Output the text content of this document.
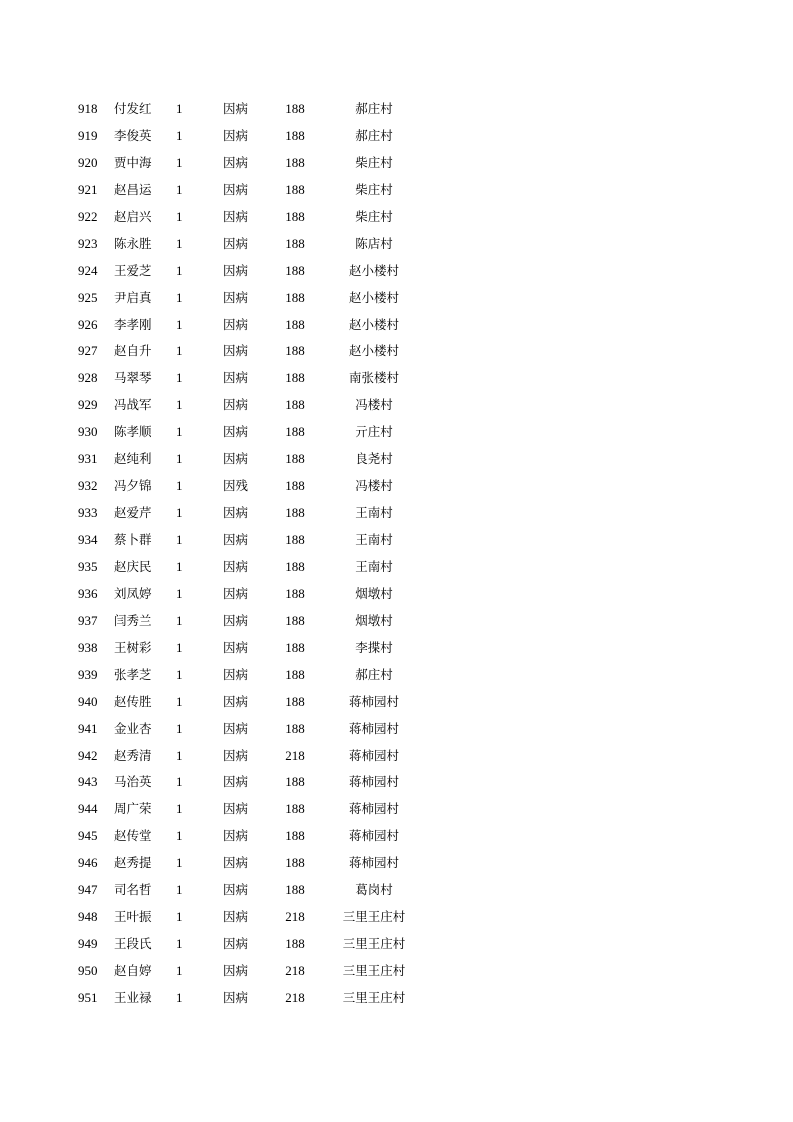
918	付发红	1	因病	188	郝庄村
919	李俊英	1	因病	188	郝庄村
920	贾中海	1	因病	188	柴庄村
921	赵昌运	1	因病	188	柴庄村
922	赵启兴	1	因病	188	柴庄村
923	陈永胜	1	因病	188	陈店村
924	王爱芝	1	因病	188	赵小楼村
925	尹启真	1	因病	188	赵小楼村
926	李孝刚	1	因病	188	赵小楼村
927	赵自升	1	因病	188	赵小楼村
928	马翠琴	1	因病	188	南张楼村
929	冯战军	1	因病	188	冯楼村
930	陈孝顺	1	因病	188	亓庄村
931	赵纯利	1	因病	188	良尧村
932	冯夕锦	1	因残	188	冯楼村
933	赵爱芹	1	因病	188	王南村
934	蔡卜群	1	因病	188	王南村
935	赵庆民	1	因病	188	王南村
936	刘凤婷	1	因病	188	烟墩村
937	闫秀兰	1	因病	188	烟墩村
938	王树彩	1	因病	188	李揲村
939	张孝芝	1	因病	188	郝庄村
940	赵传胜	1	因病	188	蒋柿园村
941	金业杏	1	因病	188	蒋柿园村
942	赵秀清	1	因病	218	蒋柿园村
943	马治英	1	因病	188	蒋柿园村
944	周广荣	1	因病	188	蒋柿园村
945	赵传堂	1	因病	188	蒋柿园村
946	赵秀提	1	因病	188	蒋柿园村
947	司名哲	1	因病	188	葛岗村
948	王叶振	1	因病	218	三里王庄村
949	王段氏	1	因病	188	三里王庄村
950	赵自婷	1	因病	218	三里王庄村
951	王业禄	1	因病	218	三里王庄村
